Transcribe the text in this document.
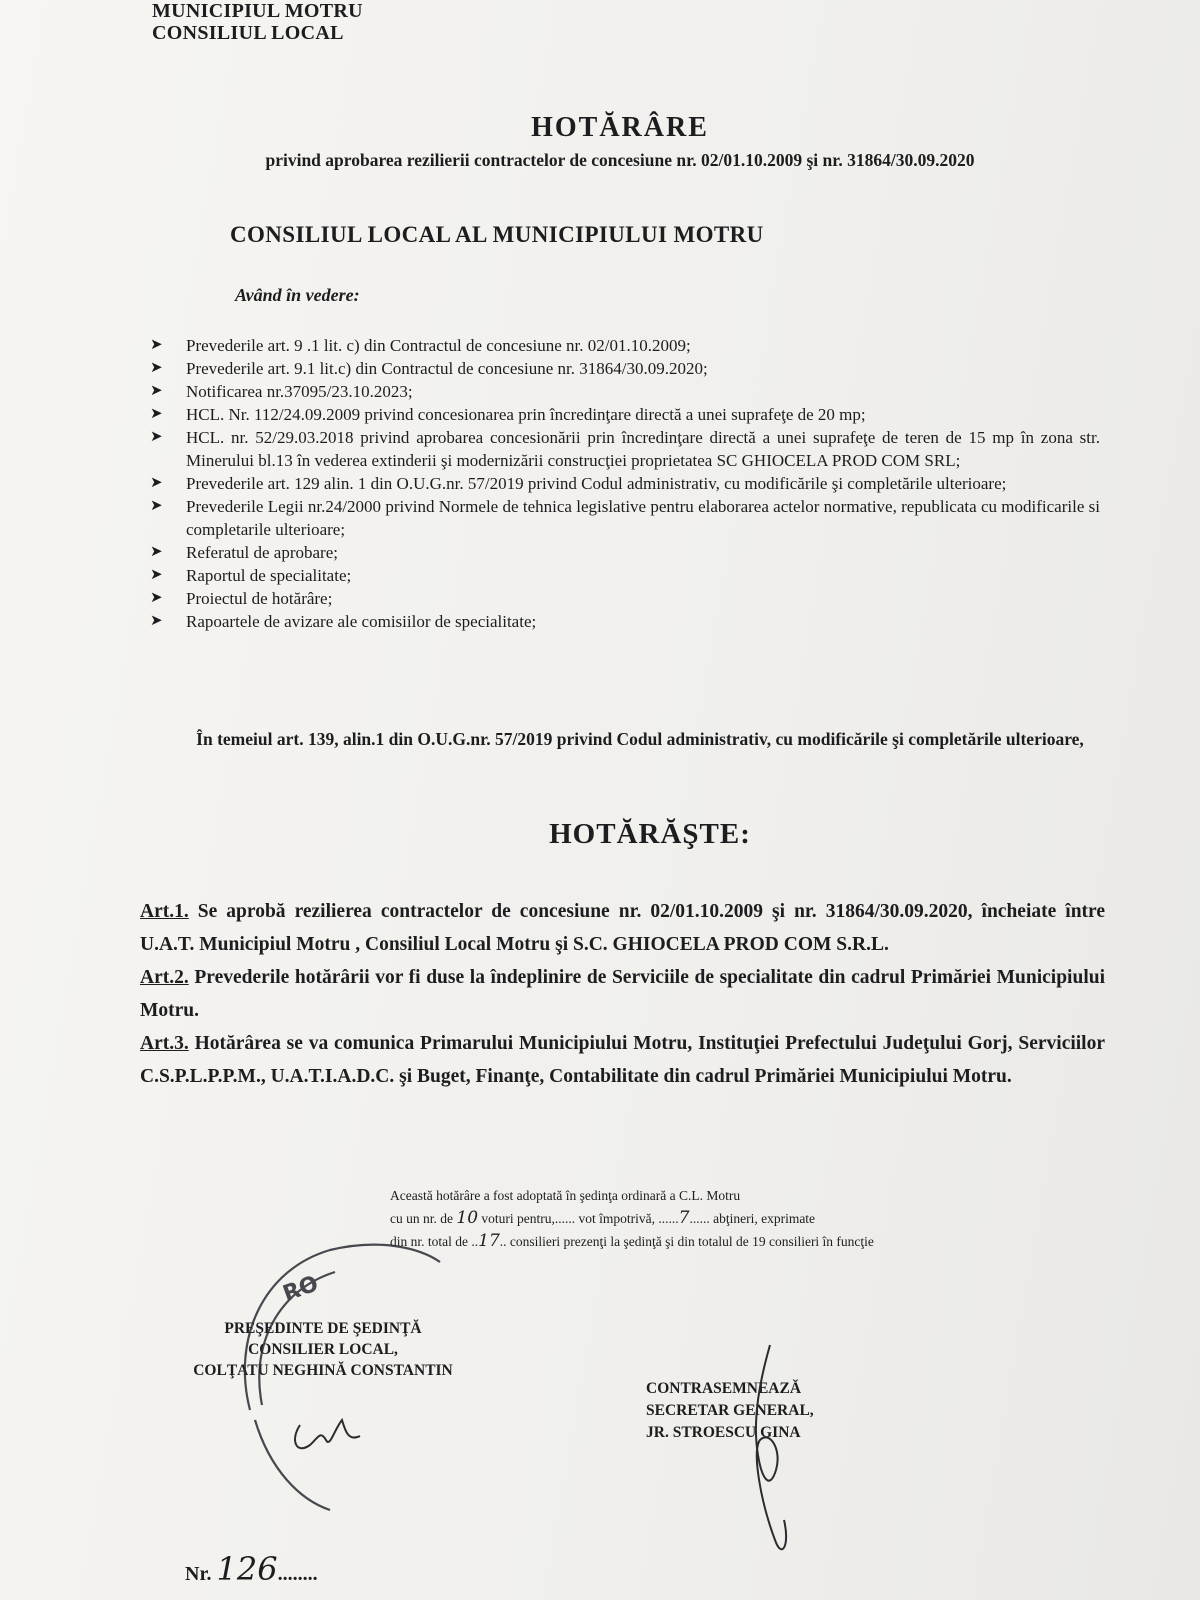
MUNICIPIUL MOTRU
CONSILIUL LOCAL
HOTĂRÂRE
privind aprobarea rezilierii contractelor de concesiune nr. 02/01.10.2009 şi nr. 31864/30.09.2020
CONSILIUL LOCAL AL MUNICIPIULUI MOTRU
Având în vedere:
➤ Prevederile art. 9 .1 lit. c) din Contractul de concesiune nr. 02/01.10.2009;
➤ Prevederile art. 9.1 lit.c) din Contractul de concesiune nr. 31864/30.09.2020;
➤ Notificarea nr.37095/23.10.2023;
➤ HCL. Nr. 112/24.09.2009 privind concesionarea prin încredinţare directă a unei suprafeţe de 20 mp;
➤ HCL. nr. 52/29.03.2018 privind aprobarea concesionării prin încredinţare directă a unei suprafeţe de teren de 15 mp în zona str. Minerului bl.13 în vederea extinderii şi modernizării construcţiei proprietatea SC GHIOCELA PROD COM SRL;
➤ Prevederile art. 129 alin. 1 din O.U.G.nr. 57/2019 privind Codul administrativ, cu modificările şi completările ulterioare;
➤ Prevederile Legii nr.24/2000 privind Normele de tehnica legislative pentru elaborarea actelor normative, republicata cu modificarile si completarile ulterioare;
➤ Referatul de aprobare;
➤ Raportul de specialitate;
➤ Proiectul de hotărâre;
➤ Rapoartele de avizare ale comisiilor de specialitate;
În temeiul art. 139, alin.1 din O.U.G.nr. 57/2019 privind Codul administrativ, cu modificările şi completările ulterioare,
HOTĂRĂŞTE:

Art.1. Se aprobă rezilierea contractelor de concesiune nr. 02/01.10.2009 şi nr. 31864/30.09.2020, încheiate între U.A.T. Municipiul Motru , Consiliul Local Motru şi S.C. GHIOCELA PROD COM S.R.L.

Art.2. Prevederile hotărârii vor fi duse la îndeplinire de Serviciile de specialitate din cadrul Primăriei Municipiului Motru.

Art.3. Hotărârea se va comunica Primarului Municipiului Motru, Instituţiei Prefectului Judeţului Gorj, Serviciilor C.S.P.L.P.P.M., U.A.T.I.A.D.C. şi Buget, Finanţe, Contabilitate din cadrul Primăriei Municipiului Motru.

Această hotărâre a fost adoptată în şedinţa ordinară a C.L. Motru
cu un nr. de 10 voturi pentru,...... vot împotrivă, ......7...... abţineri, exprimate
din nr. total de ..17.. consilieri prezenţi la şedinţă şi din totalul de 19 consilieri în funcţie
PREŞEDINTE DE ŞEDINŢĂ
CONSILIER LOCAL,
COLŢATU NEGHINĂ CONSTANTIN
CONTRASEMNEAZĂ
SECRETAR GENERAL,
JR. STROESCU GINA
Nr. 126........
RO
